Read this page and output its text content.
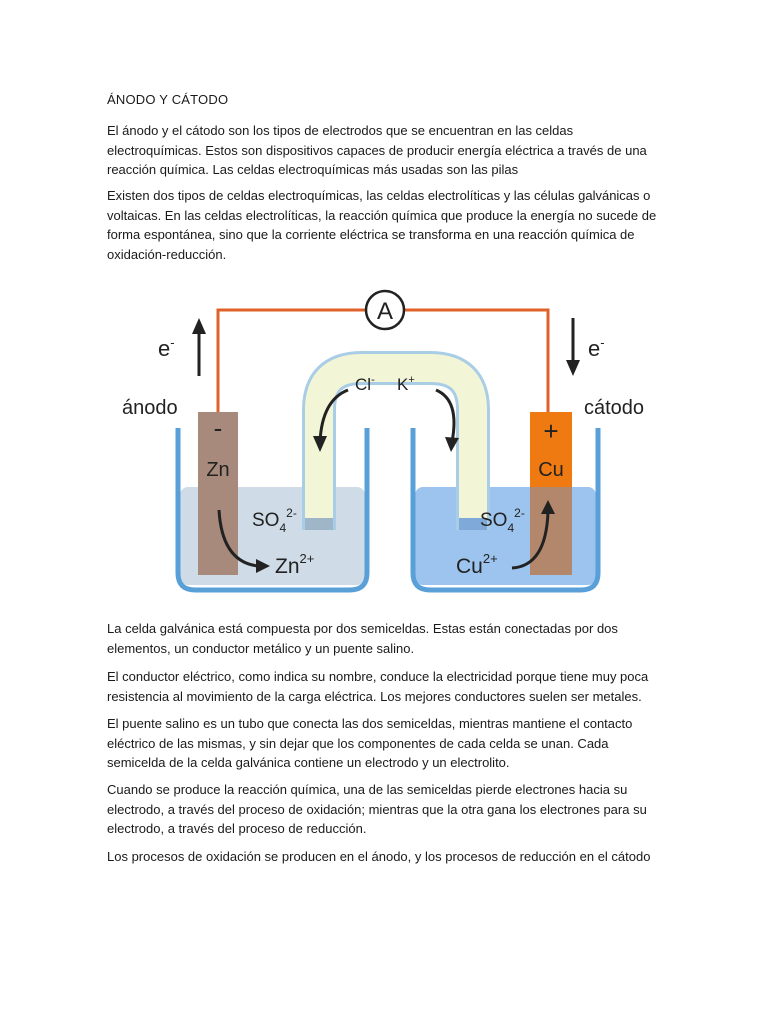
ÁNODO Y CÁTODO

El ánodo y el cátodo son los tipos de electrodos que se encuentran en las celdas electroquímicas. Estos son dispositivos capaces de producir energía eléctrica a través de una reacción química. Las celdas electroquímicas más usadas son las pilas

Existen dos tipos de celdas electroquímicas, las celdas electrolíticas y las células galvánicas o voltaicas. En las celdas electrolíticas, la reacción química que produce la energía no sucede de forma espontánea, sino que la corriente eléctrica se transforma en una reacción química de oxidación-reducción.

A
e-	e-
ánodo	cátodo
Cl- K+
-	+
Zn	Cu
$SO_4^{2-}$	$SO_4^{2-}$
$Zn^{2+}$	$Cu^{2+}$

La celda galvánica está compuesta por dos semiceldas. Estas están conectadas por dos elementos, un conductor metálico y un puente salino.

El conductor eléctrico, como indica su nombre, conduce la electricidad porque tiene muy poca resistencia al movimiento de la carga eléctrica. Los mejores conductores suelen ser metales.

El puente salino es un tubo que conecta las dos semiceldas, mientras mantiene el contacto eléctrico de las mismas, y sin dejar que los componentes de cada celda se unan. Cada semicelda de la celda galvánica contiene un electrodo y un electrolito.

Cuando se produce la reacción química, una de las semiceldas pierde electrones hacia su electrodo, a través del proceso de oxidación; mientras que la otra gana los electrones para su electrodo, a través del proceso de reducción.

Los procesos de oxidación se producen en el ánodo, y los procesos de reducción en el cátodo
